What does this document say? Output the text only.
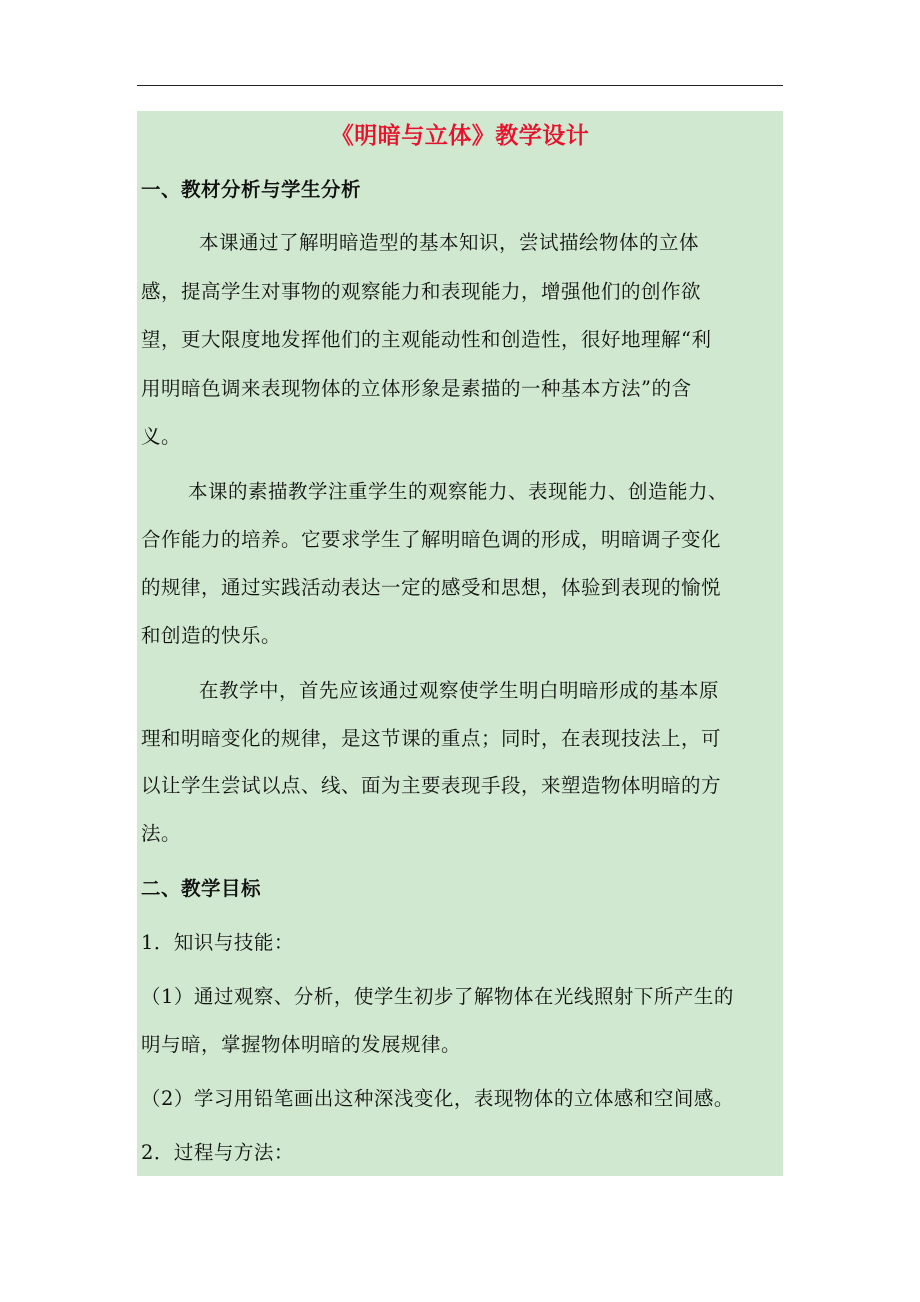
《明暗与立体》教学设计
一、教材分析与学生分析
本课通过了解明暗造型的基本知识，尝试描绘物体的立体
感，提高学生对事物的观察能力和表现能力，增强他们的创作欲
望，更大限度地发挥他们的主观能动性和创造性，很好地理解“利
用明暗色调来表现物体的立体形象是素描的一种基本方法”的含
义。
本课的素描教学注重学生的观察能力、表现能力、创造能力、
合作能力的培养。它要求学生了解明暗色调的形成，明暗调子变化
的规律，通过实践活动表达一定的感受和思想，体验到表现的愉悦
和创造的快乐。
在教学中，首先应该通过观察使学生明白明暗形成的基本原
理和明暗变化的规律，是这节课的重点；同时，在表现技法上，可
以让学生尝试以点、线、面为主要表现手段，来塑造物体明暗的方
法。
二、教学目标
1．知识与技能：
（1）通过观察、分析，使学生初步了解物体在光线照射下所产生的
明与暗，掌握物体明暗的发展规律。
（2）学习用铅笔画出这种深浅变化，表现物体的立体感和空间感。
2．过程与方法：
